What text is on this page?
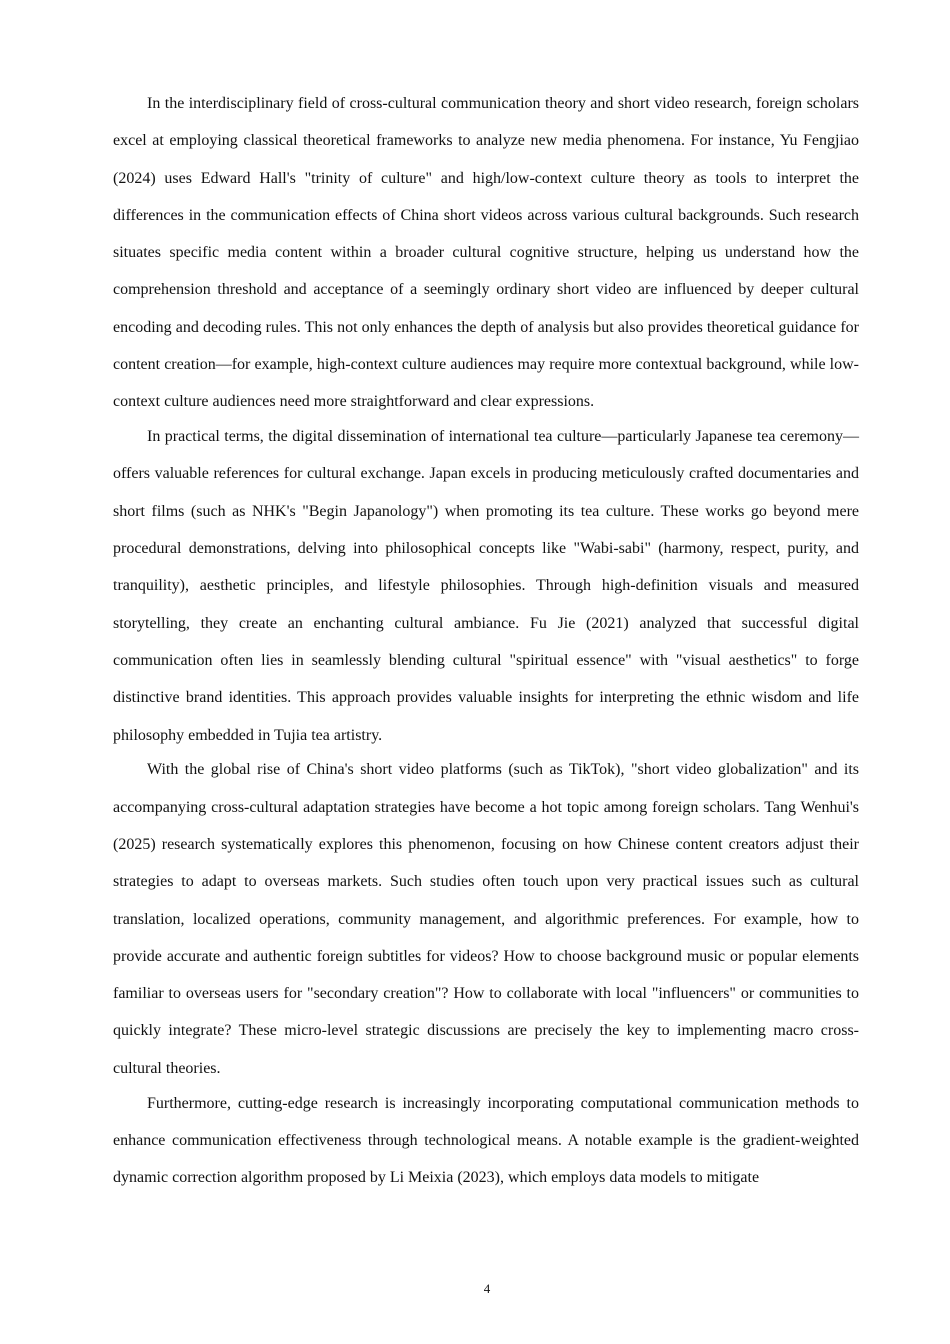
In the interdisciplinary field of cross-cultural communication theory and short video research, foreign scholars excel at employing classical theoretical frameworks to analyze new media phenomena. For instance, Yu Fengjiao (2024) uses Edward Hall's "trinity of culture" and high/low-context culture theory as tools to interpret the differences in the communication effects of China short videos across various cultural backgrounds. Such research situates specific media content within a broader cultural cognitive structure, helping us understand how the comprehension threshold and acceptance of a seemingly ordinary short video are influenced by deeper cultural encoding and decoding rules. This not only enhances the depth of analysis but also provides theoretical guidance for content creation—for example, high-context culture audiences may require more contextual background, while low-context culture audiences need more straightforward and clear expressions.

In practical terms, the digital dissemination of international tea culture—particularly Japanese tea ceremony—offers valuable references for cultural exchange. Japan excels in producing meticulously crafted documentaries and short films (such as NHK's "Begin Japanology") when promoting its tea culture. These works go beyond mere procedural demonstrations, delving into philosophical concepts like "Wabi-sabi" (harmony, respect, purity, and tranquility), aesthetic principles, and lifestyle philosophies. Through high-definition visuals and measured storytelling, they create an enchanting cultural ambiance. Fu Jie (2021) analyzed that successful digital communication often lies in seamlessly blending cultural "spiritual essence" with "visual aesthetics" to forge distinctive brand identities. This approach provides valuable insights for interpreting the ethnic wisdom and life philosophy embedded in Tujia tea artistry.

With the global rise of China's short video platforms (such as TikTok), "short video globalization" and its accompanying cross-cultural adaptation strategies have become a hot topic among foreign scholars. Tang Wenhui's (2025) research systematically explores this phenomenon, focusing on how Chinese content creators adjust their strategies to adapt to overseas markets. Such studies often touch upon very practical issues such as cultural translation, localized operations, community management, and algorithmic preferences. For example, how to provide accurate and authentic foreign subtitles for videos? How to choose background music or popular elements familiar to overseas users for "secondary creation"? How to collaborate with local "influencers" or communities to quickly integrate? These micro-level strategic discussions are precisely the key to implementing macro cross-cultural theories.

Furthermore, cutting-edge research is increasingly incorporating computational communication methods to enhance communication effectiveness through technological means. A notable example is the gradient-weighted dynamic correction algorithm proposed by Li Meixia (2023), which employs data models to mitigate

4
